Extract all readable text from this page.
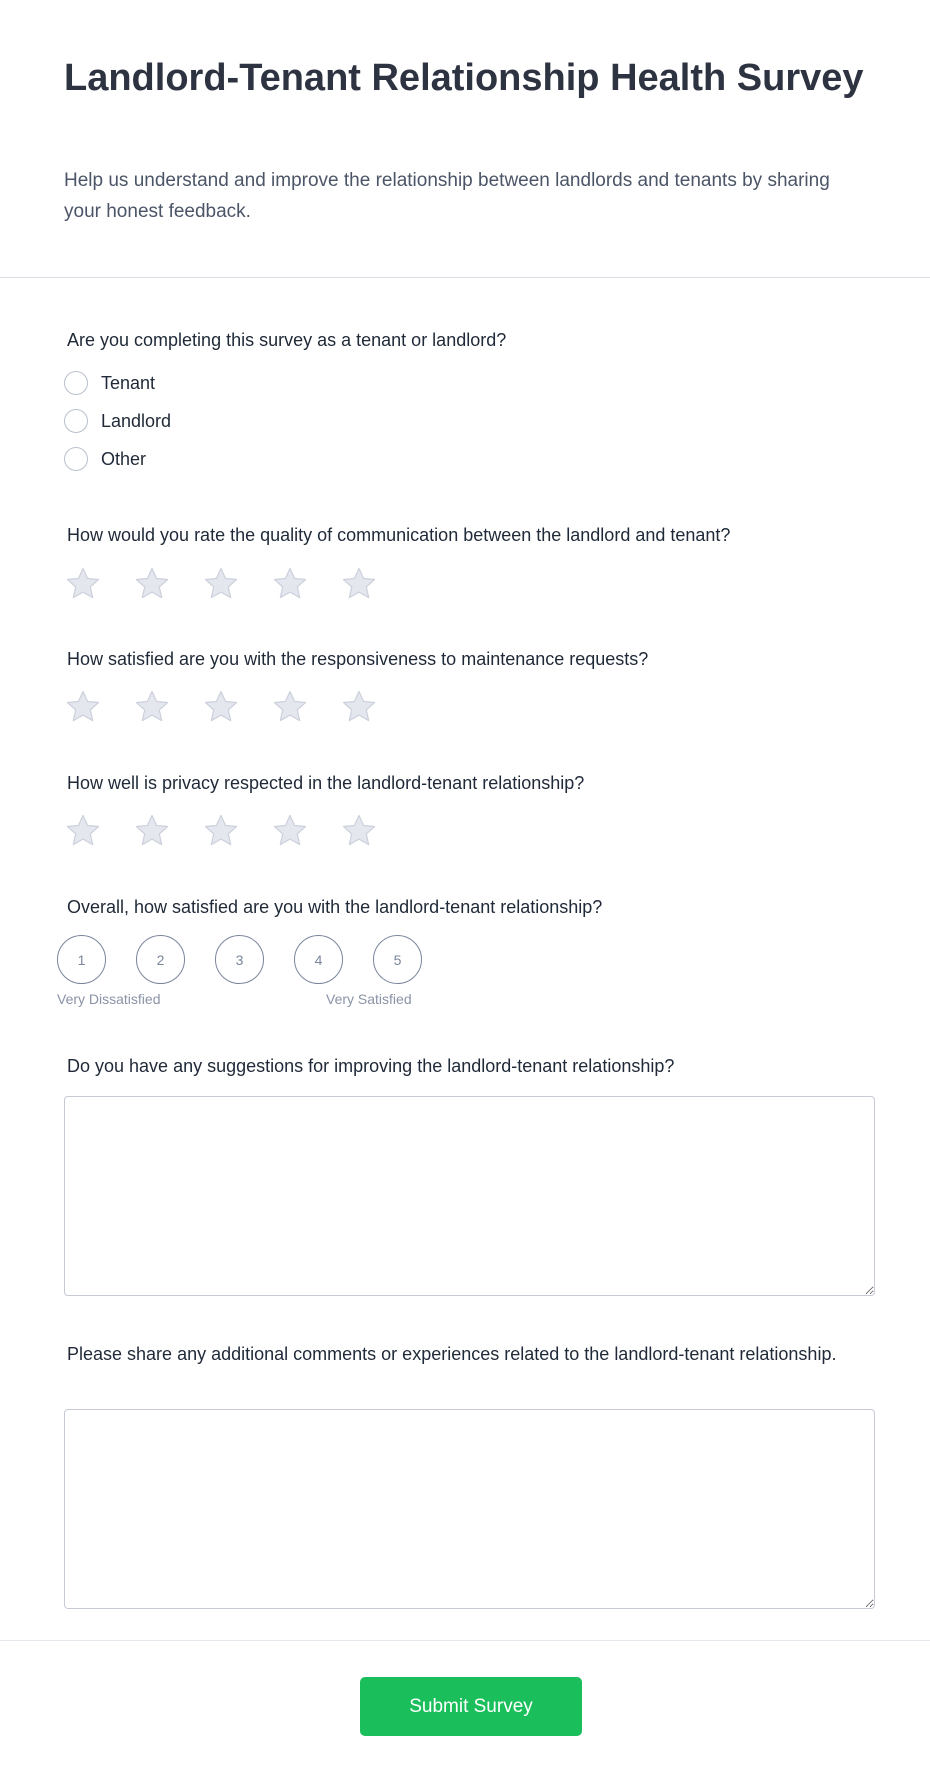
Landlord-Tenant Relationship Health Survey

Help us understand and improve the relationship between landlords and tenants by sharing your honest feedback.

Are you completing this survey as a tenant or landlord?
Tenant
Landlord
Other
How would you rate the quality of communication between the landlord and tenant?
How satisfied are you with the responsiveness to maintenance requests?
How well is privacy respected in the landlord-tenant relationship?
Overall, how satisfied are you with the landlord-tenant relationship?
1	2	3	4	5
Very Dissatisfied	Very Satisfied
Do you have any suggestions for improving the landlord-tenant relationship?
Please share any additional comments or experiences related to the landlord-tenant relationship.
Submit Survey
